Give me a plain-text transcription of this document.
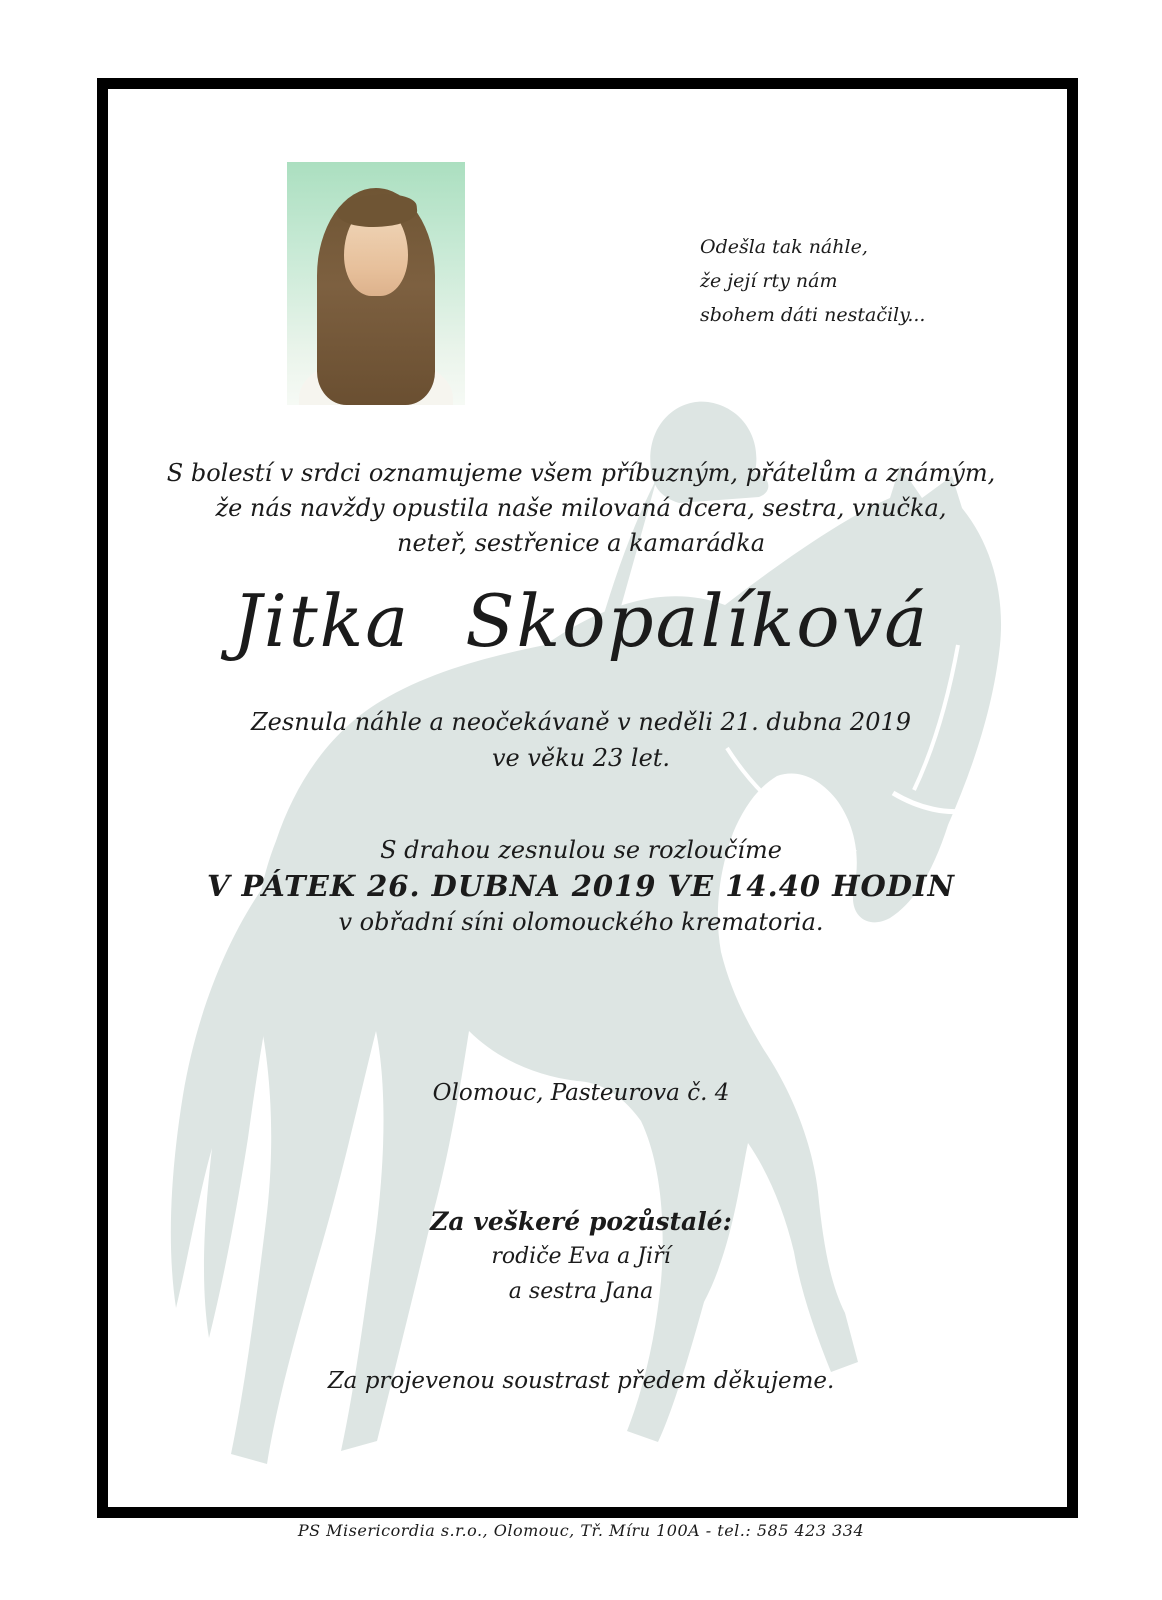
Odešla tak náhle,
že její rty nám
sbohem dáti nestačily...
S bolestí v srdci oznamujeme všem příbuzným, přátelům a známým,
že nás navždy opustila naše milovaná dcera, sestra, vnučka,
neteř, sestřenice a kamarádka
Jitka Skopalíková
Zesnula náhle a neočekávaně v neděli 21. dubna 2019
ve věku 23 let.
S drahou zesnulou se rozloučíme
V PÁTEK 26. DUBNA 2019 VE 14.40 HODIN
v obřadní síni olomouckého krematoria.
Olomouc, Pasteurova č. 4
Za veškeré pozůstalé:
rodiče Eva a Jiří
a sestra Jana
Za projevenou soustrast předem děkujeme.
PS Misericordia s.r.o., Olomouc, Tř. Míru 100A - tel.: 585 423 334
